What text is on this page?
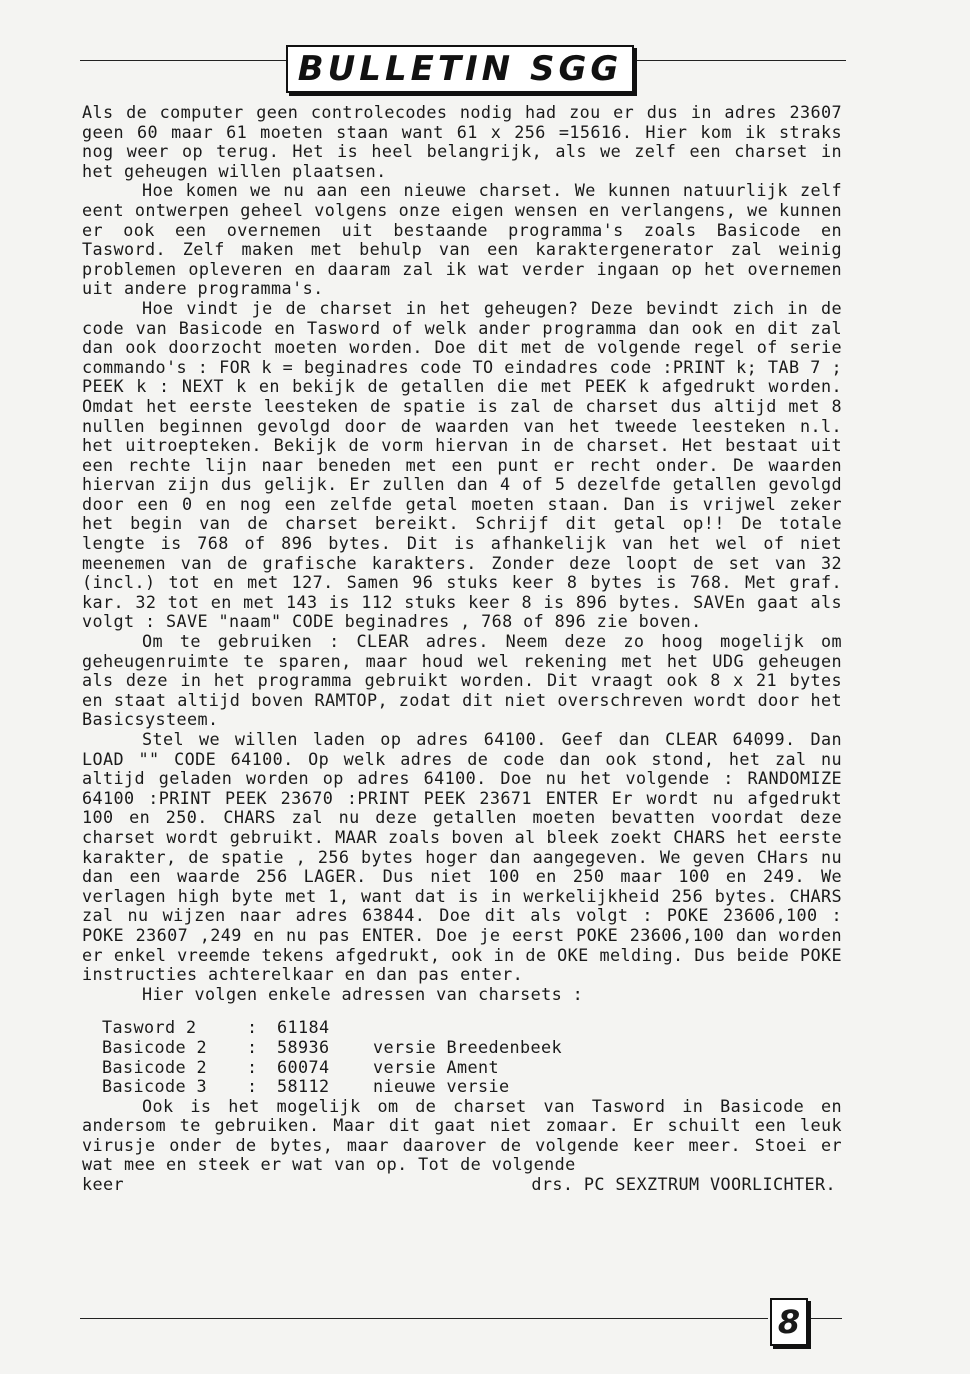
BULLETIN SGG

Als de computer geen controlecodes nodig had zou er dus in adres 23607 geen 60 maar 61 moeten staan want 61 x 256 =15616. Hier kom ik straks nog weer op terug. Het is heel belangrijk, als we zelf een charset in het geheugen willen plaatsen.

Hoe komen we nu aan een nieuwe charset. We kunnen natuurlijk zelf eent ontwerpen geheel volgens onze eigen wensen en verlangens, we kunnen er ook een overnemen uit bestaande programma's zoals Basicode en Tasword. Zelf maken met behulp van een karaktergenerator zal weinig problemen opleveren en daaram zal ik wat verder ingaan op het overnemen uit andere programma's.

Hoe vindt je de charset in het geheugen? Deze bevindt zich in de code van Basicode en Tasword of welk ander programma dan ook en dit zal dan ook doorzocht moeten worden. Doe dit met de volgende regel of serie commando's : FOR k = beginadres code TO eindadres code :PRINT k; TAB 7 ; PEEK k : NEXT k en bekijk de getallen die met PEEK k afgedrukt worden. Omdat het eerste leesteken de spatie is zal de charset dus altijd met 8 nullen beginnen gevolgd door de waarden van het tweede leesteken n.l. het uitroepteken. Bekijk de vorm hiervan in de charset. Het bestaat uit een rechte lijn naar beneden met een punt er recht onder. De waarden hiervan zijn dus gelijk. Er zullen dan 4 of 5 dezelfde getallen gevolgd door een 0 en nog een zelfde getal moeten staan. Dan is vrijwel zeker het begin van de charset bereikt. Schrijf dit getal op!! De totale lengte is 768 of 896 bytes. Dit is afhankelijk van het wel of niet meenemen van de grafische karakters. Zonder deze loopt de set van 32 (incl.) tot en met 127. Samen 96 stuks keer 8 bytes is 768. Met graf. kar. 32 tot en met 143 is 112 stuks keer 8 is 896 bytes. SAVEn gaat als volgt : SAVE "naam" CODE beginadres , 768 of 896 zie boven.

Om te gebruiken : CLEAR adres. Neem deze zo hoog mogelijk om geheugenruimte te sparen, maar houd wel rekening met het UDG geheugen als deze in het programma gebruikt worden. Dit vraagt ook 8 x 21 bytes en staat altijd boven RAMTOP, zodat dit niet overschreven wordt door het Basicsysteem.

Stel we willen laden op adres 64100. Geef dan CLEAR 64099. Dan LOAD "" CODE 64100. Op welk adres de code dan ook stond, het zal nu altijd geladen worden op adres 64100. Doe nu het volgende : RANDOMIZE 64100 :PRINT PEEK 23670 :PRINT PEEK 23671 ENTER Er wordt nu afgedrukt 100 en 250. CHARS zal nu deze getallen moeten bevatten voordat deze charset wordt gebruikt. MAAR zoals boven al bleek zoekt CHARS het eerste karakter, de spatie , 256 bytes hoger dan aangegeven. We geven CHars nu dan een waarde 256 LAGER. Dus niet 100 en 250 maar 100 en 249. We verlagen high byte met 1, want dat is in werkelijkheid 256 bytes. CHARS zal nu wijzen naar adres 63844. Doe dit als volgt : POKE 23606,100 : POKE 23607 ,249 en nu pas ENTER. Doe je eerst POKE 23606,100 dan worden er enkel vreemde tekens afgedrukt, ook in de OKE melding. Dus beide POKE instructies achterelkaar en dan pas enter.

Hier volgen enkele adressen van charsets :

Tasword 2	:	61184	
Basicode 2	:	58936	versie Breedenbeek
Basicode 2	:	60074	versie Ament
Basicode 3	:	58112	nieuwe versie

Ook is het mogelijk om de charset van Tasword in Basicode en andersom te gebruiken. Maar dit gaat niet zomaar. Er schuilt een leuk virusje onder de bytes, maar daarover de volgende keer meer. Stoei er wat mee en steek er wat van op. Tot de volgende

keer	drs. PC SEXZTRUM VOORLICHTER.
8
